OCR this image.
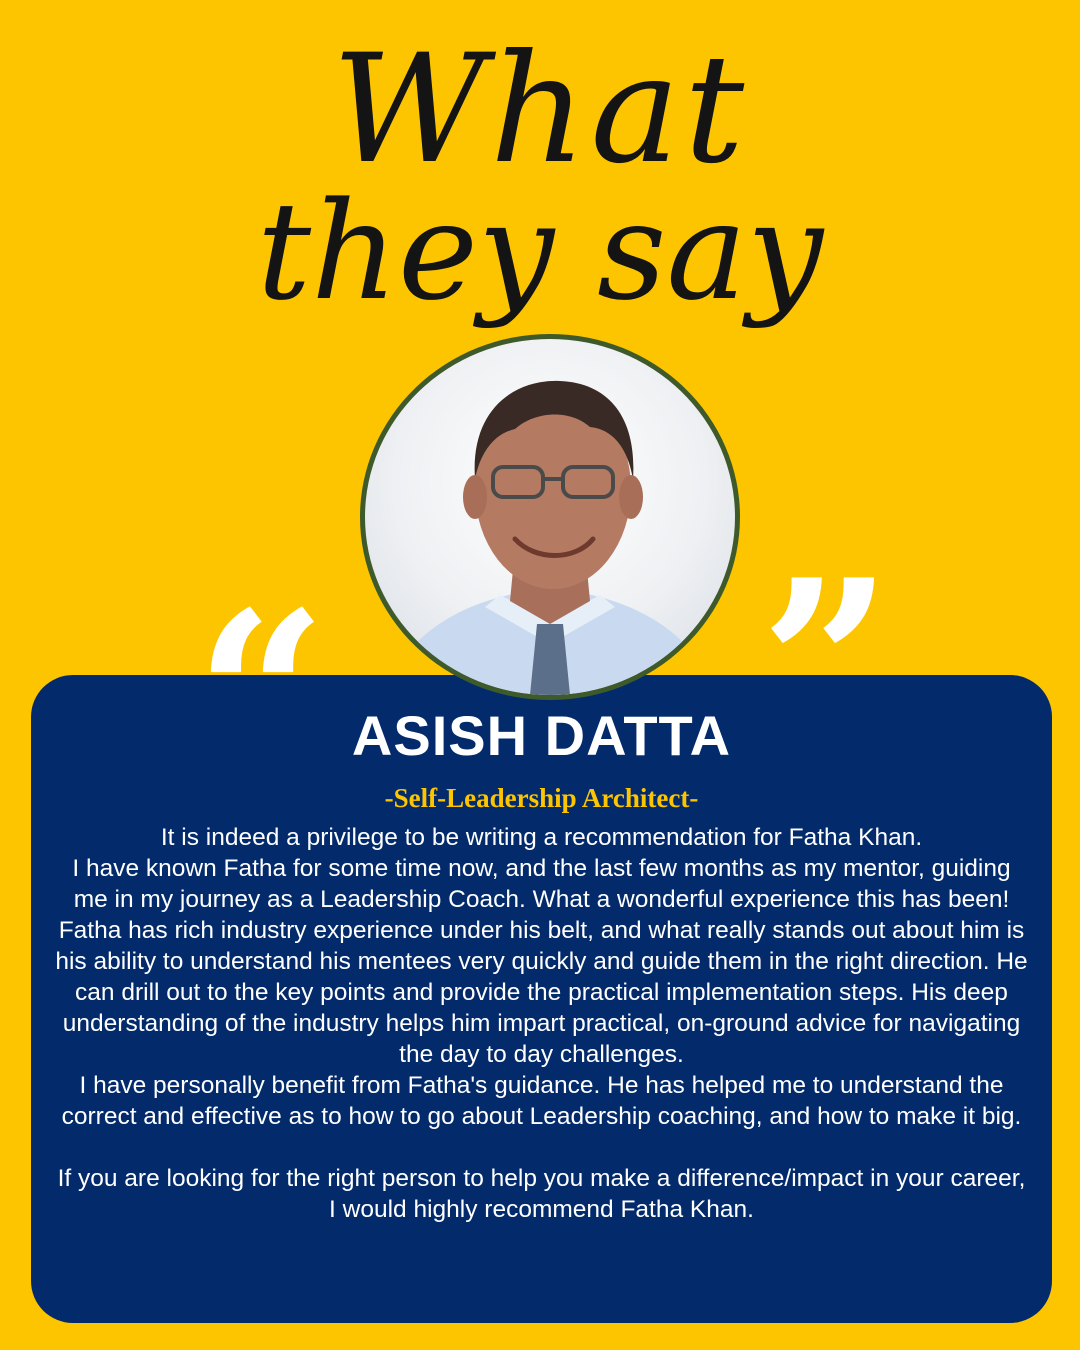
What
they say
“ ”
ASISH DATTA
-Self-Leadership Architect-

It is indeed a privilege to be writing a recommendation for Fatha Khan.

I have known Fatha for some time now, and the last few months as my mentor, guiding me in my journey as a Leadership Coach. What a wonderful experience this has been!

Fatha has rich industry experience under his belt, and what really stands out about him is his ability to understand his mentees very quickly and guide them in the right direction. He can drill out to the key points and provide the practical implementation steps. His deep understanding of the industry helps him impart practical, on-ground advice for navigating the day to day challenges.

I have personally benefit from Fatha's guidance. He has helped me to understand the correct and effective as to how to go about Leadership coaching, and how to make it big.

If you are looking for the right person to help you make a difference/impact in your career, I would highly recommend Fatha Khan.
